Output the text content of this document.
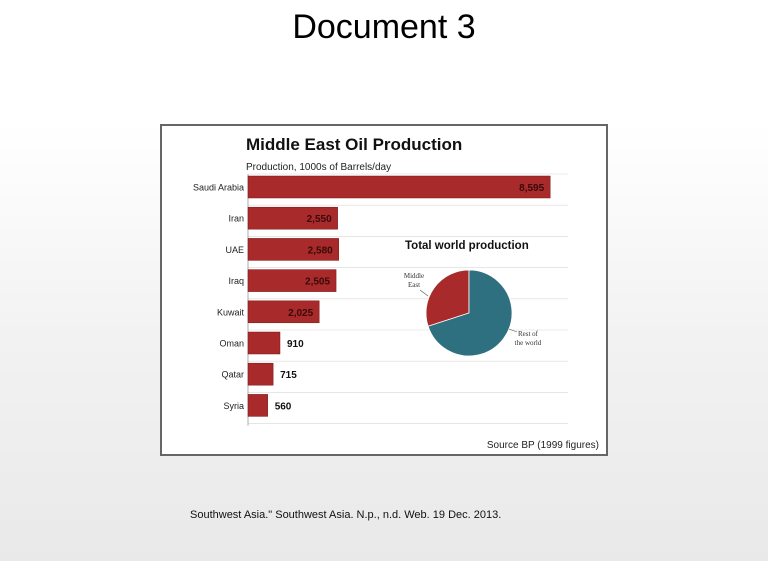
Document 3
Middle East Oil Production
Production, 1000s of Barrels/day
Saudi Arabia	8,595
Iran	2,550
UAE	2,580
Iraq	2,505
Kuwait	2,025
Oman	910
Qatar	715
Syria	560
Middle East
Rest of the world
Total world production
Source BP (1999 figures)
Southwest Asia." Southwest Asia. N.p., n.d. Web. 19 Dec. 2013.
